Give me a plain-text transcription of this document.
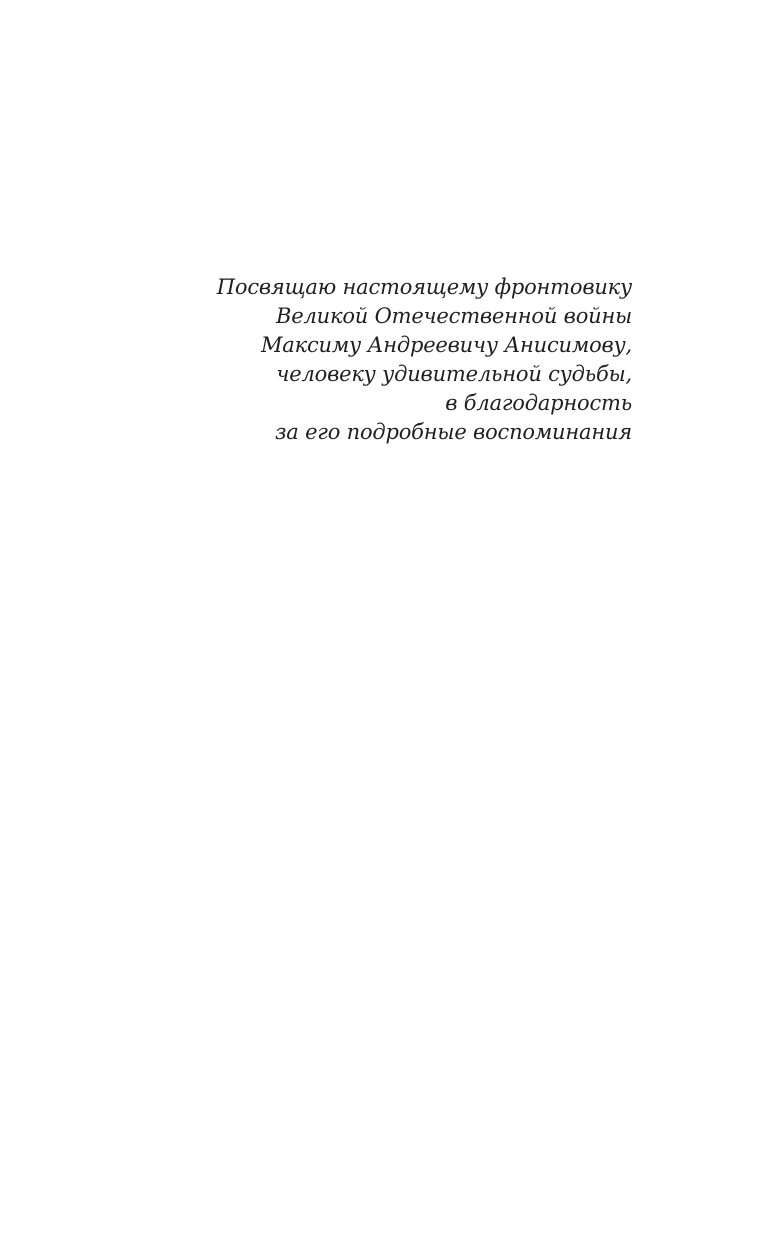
Посвящаю настоящему фронтовику
Великой Отечественной войны
Максиму Андреевичу Анисимову,
человеку удивительной судьбы,
в благодарность
за его подробные воспоминания
